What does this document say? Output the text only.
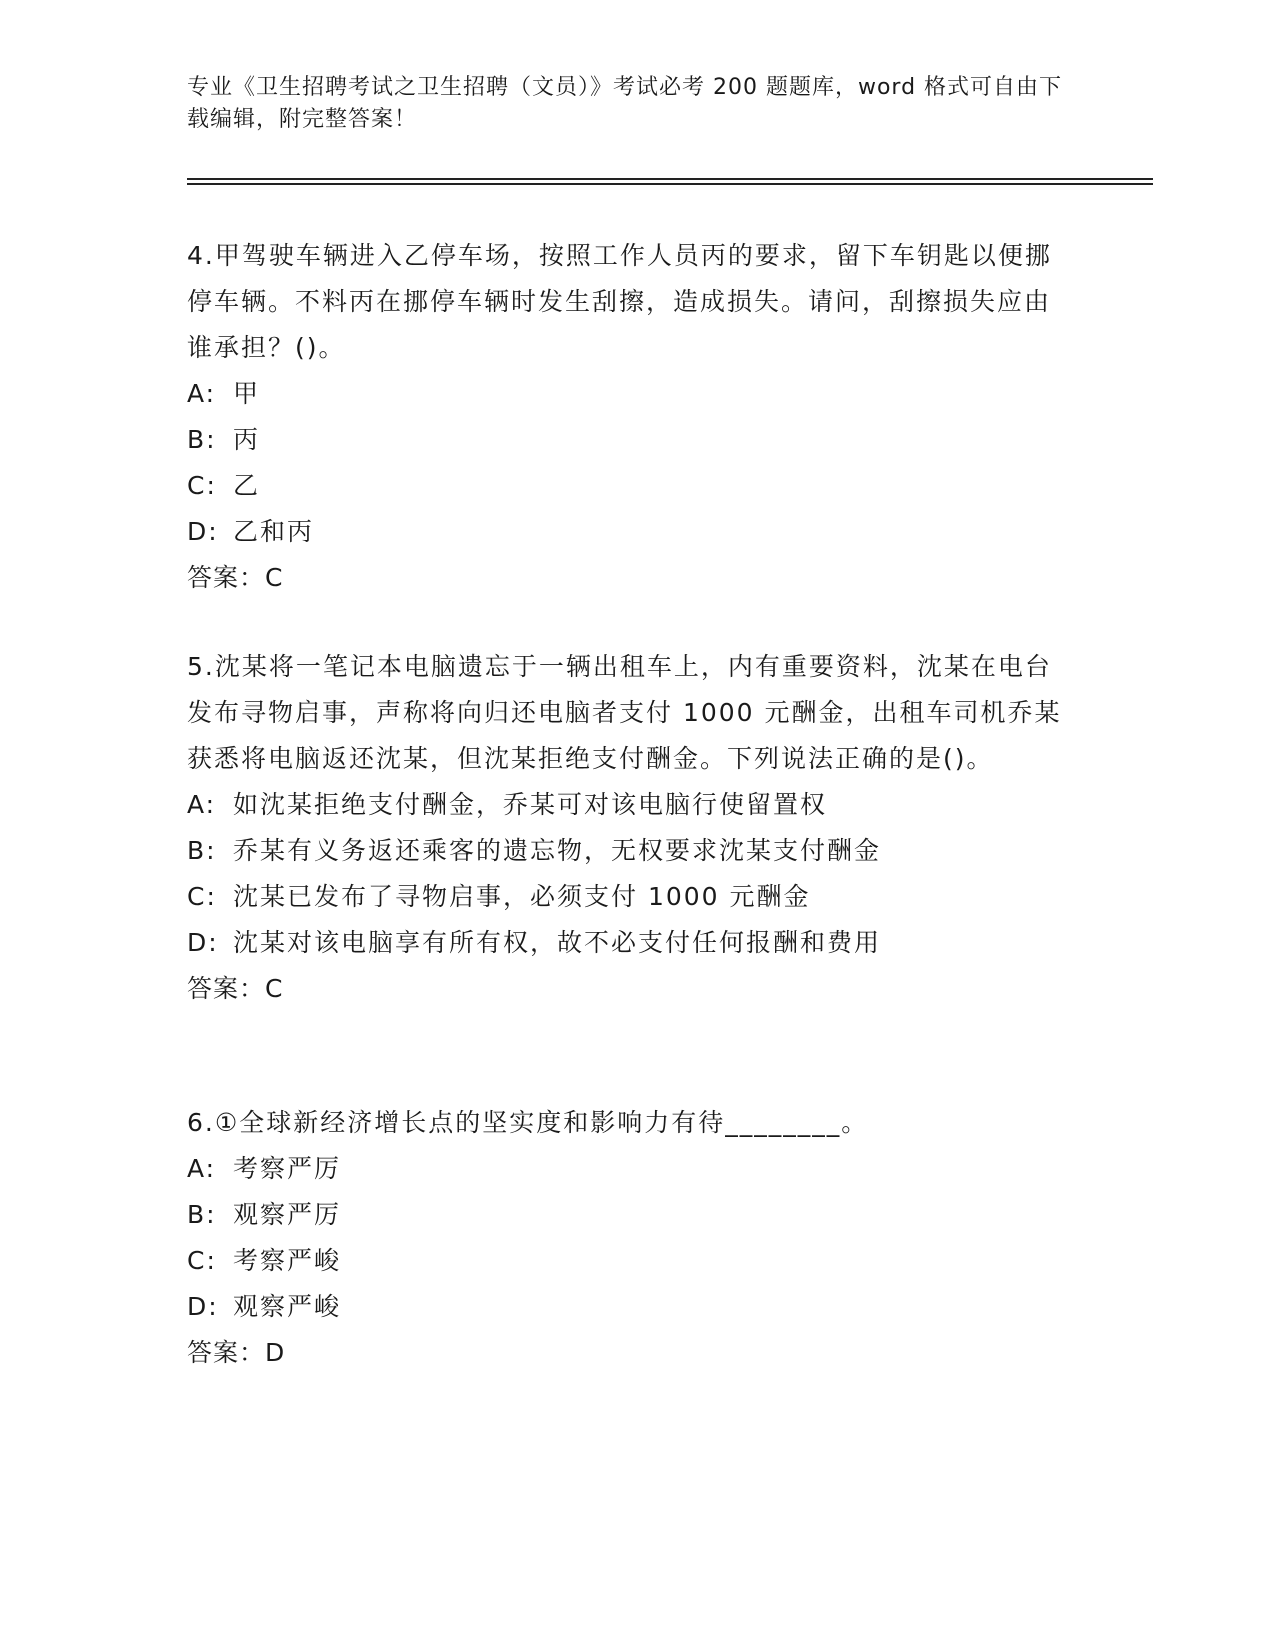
专业《卫生招聘考试之卫生招聘（文员）》考试必考 200 题题库，word 格式可自由下载编辑，附完整答案！
4.甲驾驶车辆进入乙停车场，按照工作人员丙的要求，留下车钥匙以便挪停车辆。不料丙在挪停车辆时发生刮擦，造成损失。请问，刮擦损失应由谁承担？()。
A: 甲
B: 丙
C: 乙
D: 乙和丙
答案：C
5.沈某将一笔记本电脑遗忘于一辆出租车上，内有重要资料，沈某在电台发布寻物启事，声称将向归还电脑者支付 1000 元酬金，出租车司机乔某获悉将电脑返还沈某，但沈某拒绝支付酬金。下列说法正确的是()。
A: 如沈某拒绝支付酬金，乔某可对该电脑行使留置权
B: 乔某有义务返还乘客的遗忘物，无权要求沈某支付酬金
C: 沈某已发布了寻物启事，必须支付 1000 元酬金
D: 沈某对该电脑享有所有权，故不必支付任何报酬和费用
答案：C
6.①全球新经济增长点的坚实度和影响力有待________。
A: 考察严厉
B: 观察严厉
C: 考察严峻
D: 观察严峻
答案：D
